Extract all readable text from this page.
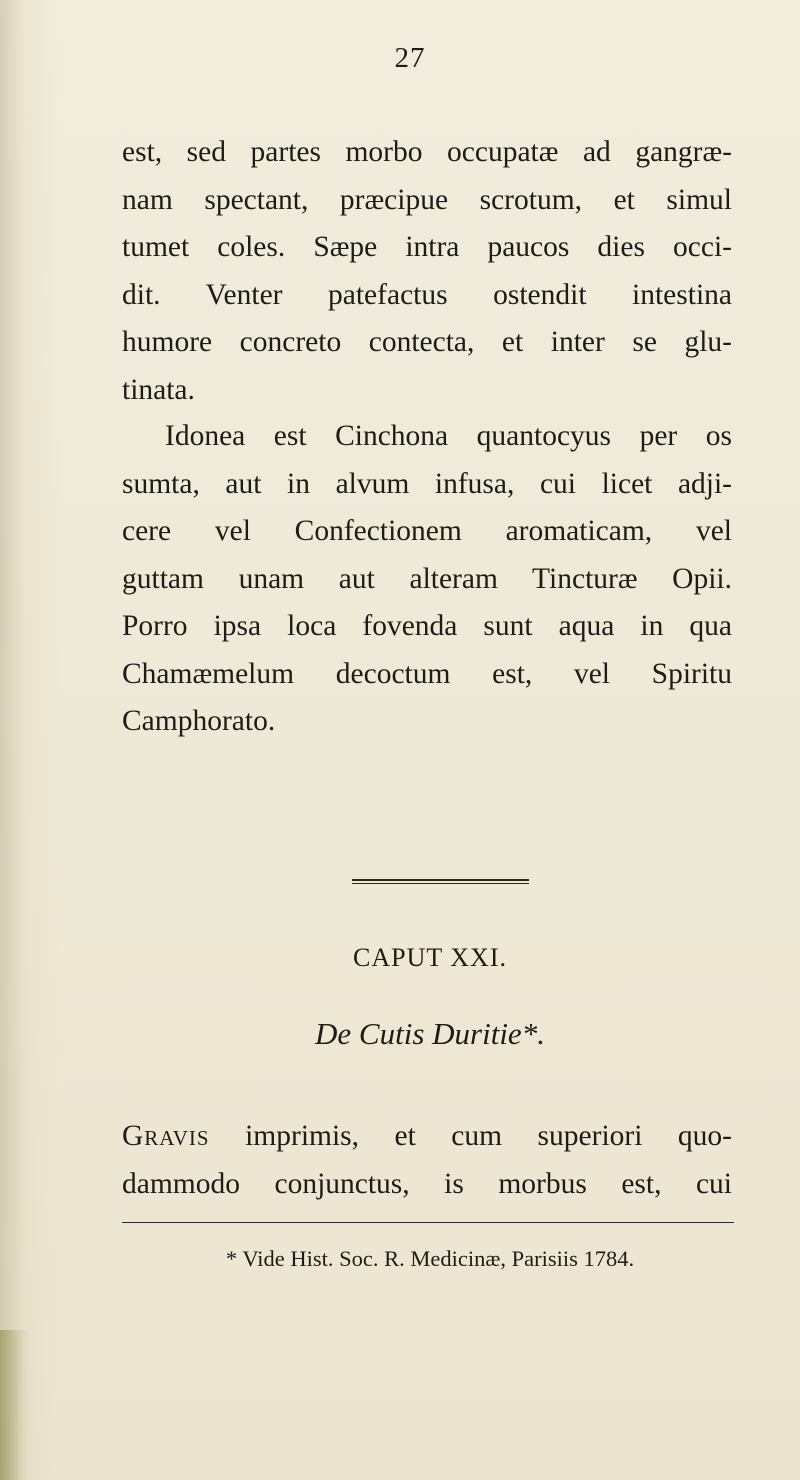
27
est, sed partes morbo occupatæ ad gangræ-
nam spectant, præcipue scrotum, et simul
tumet coles. Sæpe intra paucos dies occi-
dit. Venter patefactus ostendit intestina
humore concreto contecta, et inter se glu-
tinata.
Idonea est Cinchona quantocyus per os
sumta, aut in alvum infusa, cui licet adji-
cere vel Confectionem aromaticam, vel
guttam unam aut alteram Tincturæ Opii.
Porro ipsa loca fovenda sunt aqua in qua
Chamæmelum decoctum est, vel Spiritu
Camphorato.
CAPUT XXI.
De Cutis Duritie*.
Gravis imprimis, et cum superiori quo-
dammodo conjunctus, is morbus est, cui
* Vide Hist. Soc. R. Medicinæ, Parisiis 1784.
